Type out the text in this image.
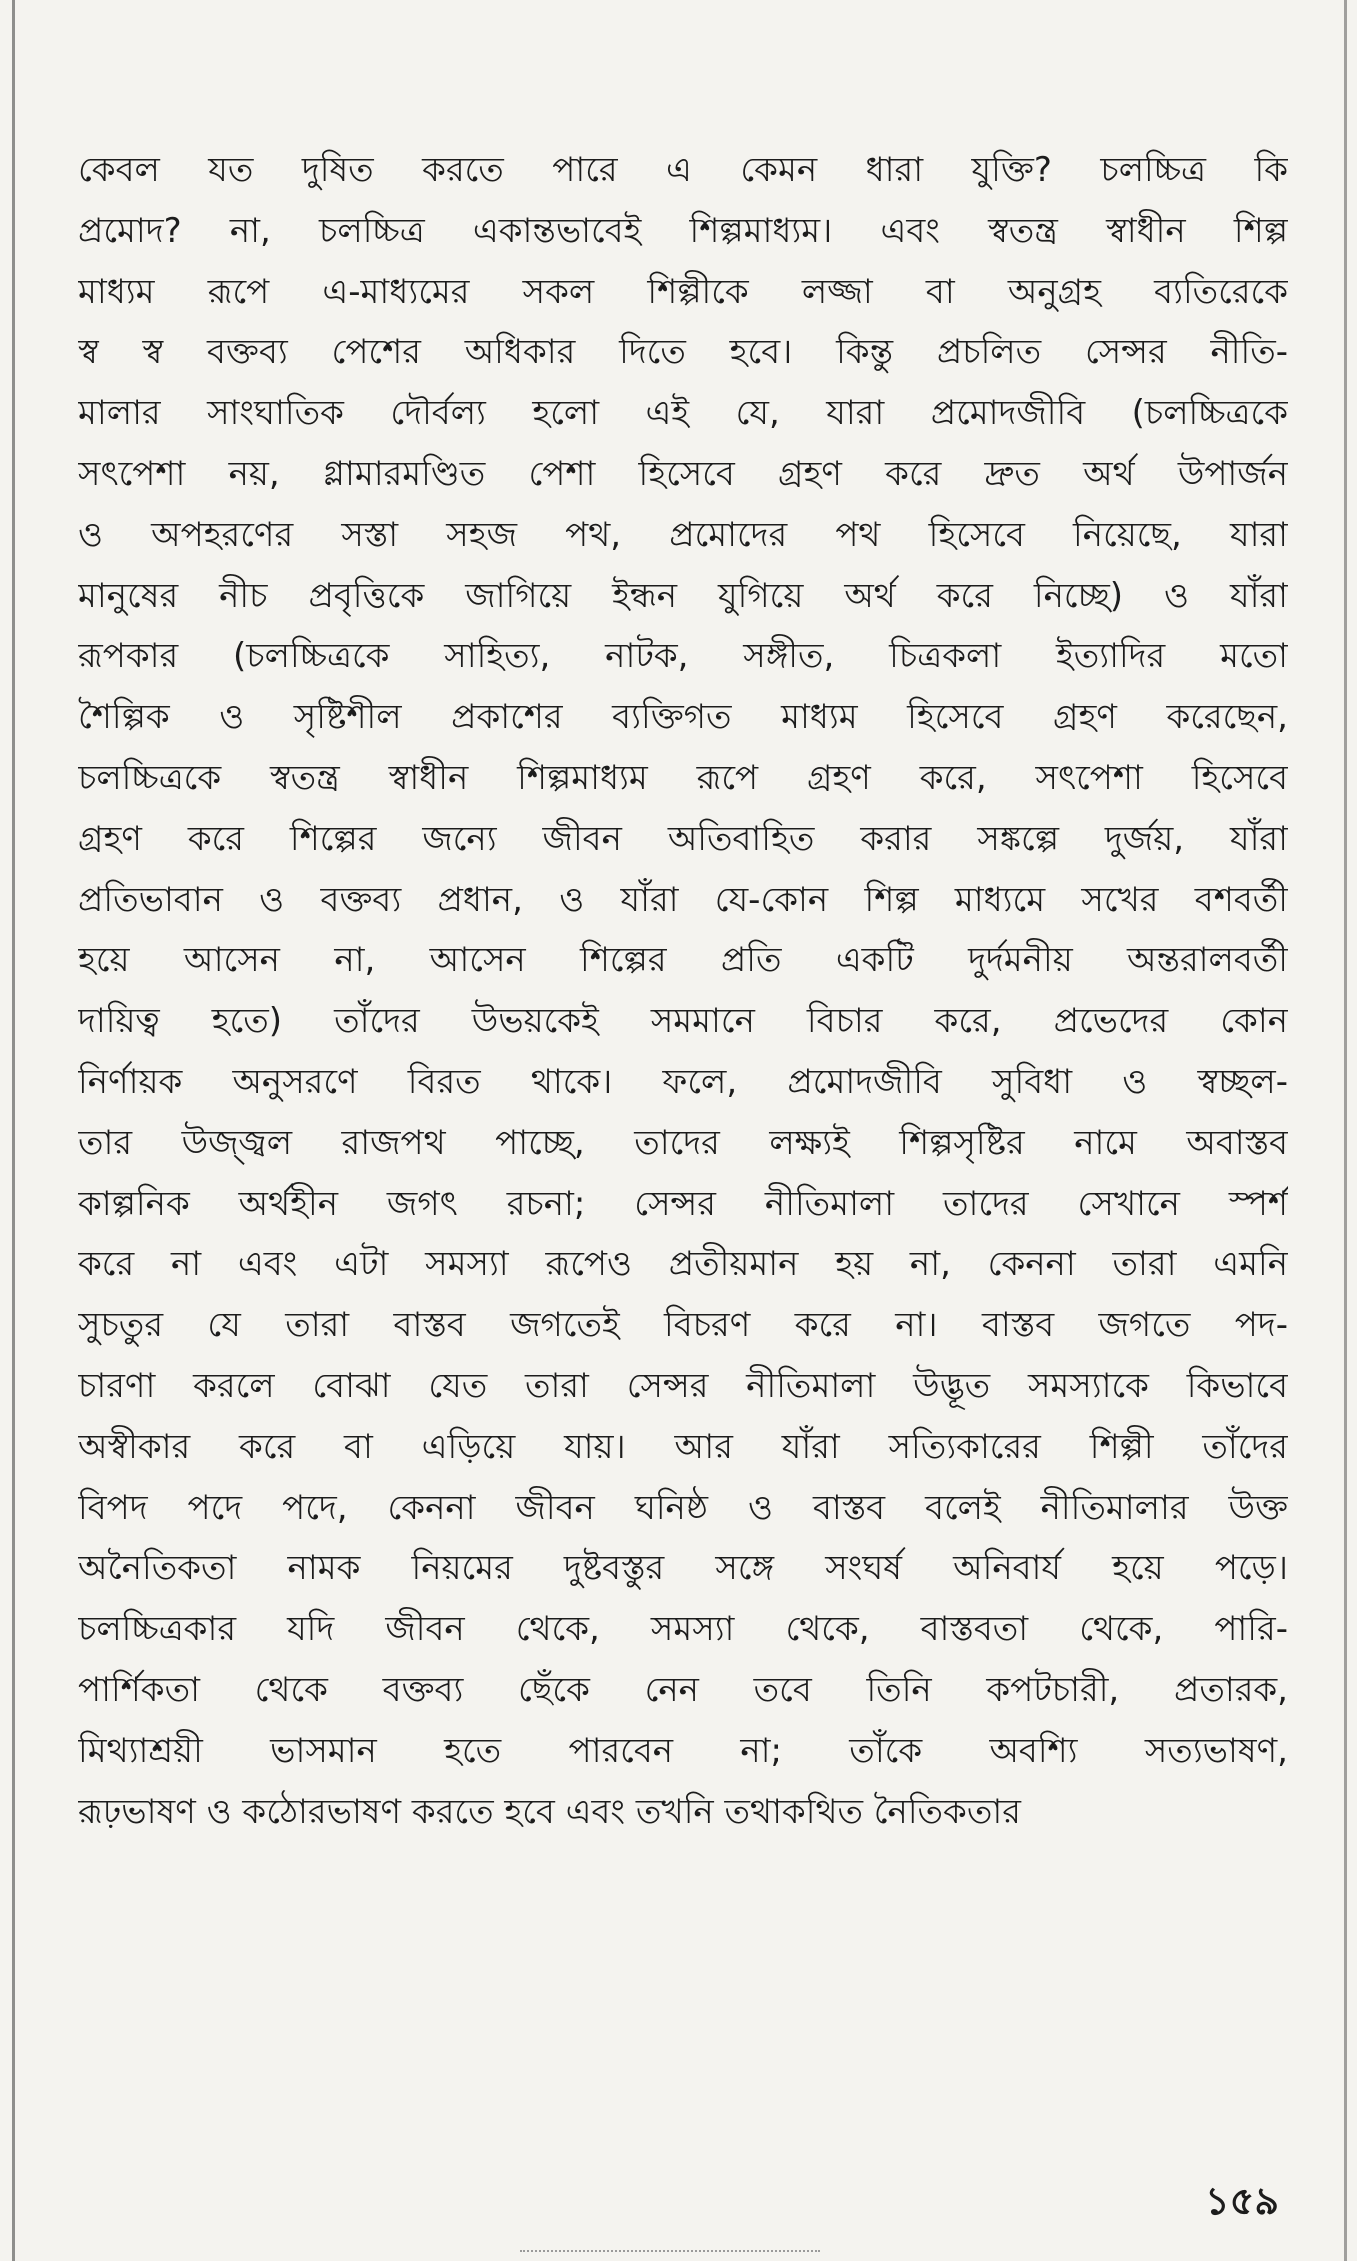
কেবল যত দুষিত করতে পারে এ কেমন ধারা যুক্তি? চলচ্চিত্র কি
প্রমোদ? না, চলচ্চিত্র একান্তভাবেই শিল্পমাধ্যম। এবং স্বতন্ত্র স্বাধীন শিল্প
মাধ্যম রূপে এ-মাধ্যমের সকল শিল্পীকে লজ্জা বা অনুগ্রহ ব্যতিরেকে
স্ব স্ব বক্তব্য পেশের অধিকার দিতে হবে। কিন্তু প্রচলিত সেন্সর নীতি-
মালার সাংঘাতিক দৌর্বল্য হলো এই যে, যারা প্রমোদজীবি (চলচ্চিত্রকে
সৎপেশা নয়, গ্লামারমণ্ডিত পেশা হিসেবে গ্রহণ করে দ্রুত অর্থ উপার্জন
ও অপহরণের সস্তা সহজ পথ, প্রমোদের পথ হিসেবে নিয়েছে, যারা
মানুষের নীচ প্রবৃত্তিকে জাগিয়ে ইন্ধন যুগিয়ে অর্থ করে নিচ্ছে) ও যাঁরা
রূপকার (চলচ্চিত্রকে সাহিত্য, নাটক, সঙ্গীত, চিত্রকলা ইত্যাদির মতো
শৈল্পিক ও সৃষ্টিশীল প্রকাশের ব্যক্তিগত মাধ্যম হিসেবে গ্রহণ করেছেন,
চলচ্চিত্রকে স্বতন্ত্র স্বাধীন শিল্পমাধ্যম রূপে গ্রহণ করে, সৎপেশা হিসেবে
গ্রহণ করে শিল্পের জন্যে জীবন অতিবাহিত করার সঙ্কল্পে দুর্জয়, যাঁরা
প্রতিভাবান ও বক্তব্য প্রধান, ও যাঁরা যে-কোন শিল্প মাধ্যমে সখের বশবর্তী
হয়ে আসেন না, আসেন শিল্পের প্রতি একটি দুর্দমনীয় অন্তরালবর্তী
দায়িত্ব হতে) তাঁদের উভয়কেই সমমানে বিচার করে, প্রভেদের কোন
নির্ণায়ক অনুসরণে বিরত থাকে। ফলে, প্রমোদজীবি সুবিধা ও স্বচ্ছল-
তার উজ্জ্বল রাজপথ পাচ্ছে, তাদের লক্ষ্যই শিল্পসৃষ্টির নামে অবাস্তব
কাল্পনিক অর্থহীন জগৎ রচনা; সেন্সর নীতিমালা তাদের সেখানে স্পর্শ
করে না এবং এটা সমস্যা রূপেও প্রতীয়মান হয় না, কেননা তারা এমনি
সুচতুর যে তারা বাস্তব জগতেই বিচরণ করে না। বাস্তব জগতে পদ-
চারণা করলে বোঝা যেত তারা সেন্সর নীতিমালা উদ্ভূত সমস্যাকে কিভাবে
অস্বীকার করে বা এড়িয়ে যায়। আর যাঁরা সত্যিকারের শিল্পী তাঁদের
বিপদ পদে পদে, কেননা জীবন ঘনিষ্ঠ ও বাস্তব বলেই নীতিমালার উক্ত
অনৈতিকতা নামক নিয়মের দুষ্টবস্তুর সঙ্গে সংঘর্ষ অনিবার্য হয়ে পড়ে।
চলচ্চিত্রকার যদি জীবন থেকে, সমস্যা থেকে, বাস্তবতা থেকে, পারি-
পার্শিকতা থেকে বক্তব্য ছেঁকে নেন তবে তিনি কপটচারী, প্রতারক,
মিথ্যাশ্রয়ী ভাসমান হতে পারবেন না; তাঁকে অবশ্যি সত্যভাষণ,
রূঢ়ভাষণ ও কঠোরভাষণ করতে হবে এবং তখনি তথাকথিত নৈতিকতার
১৫৯
